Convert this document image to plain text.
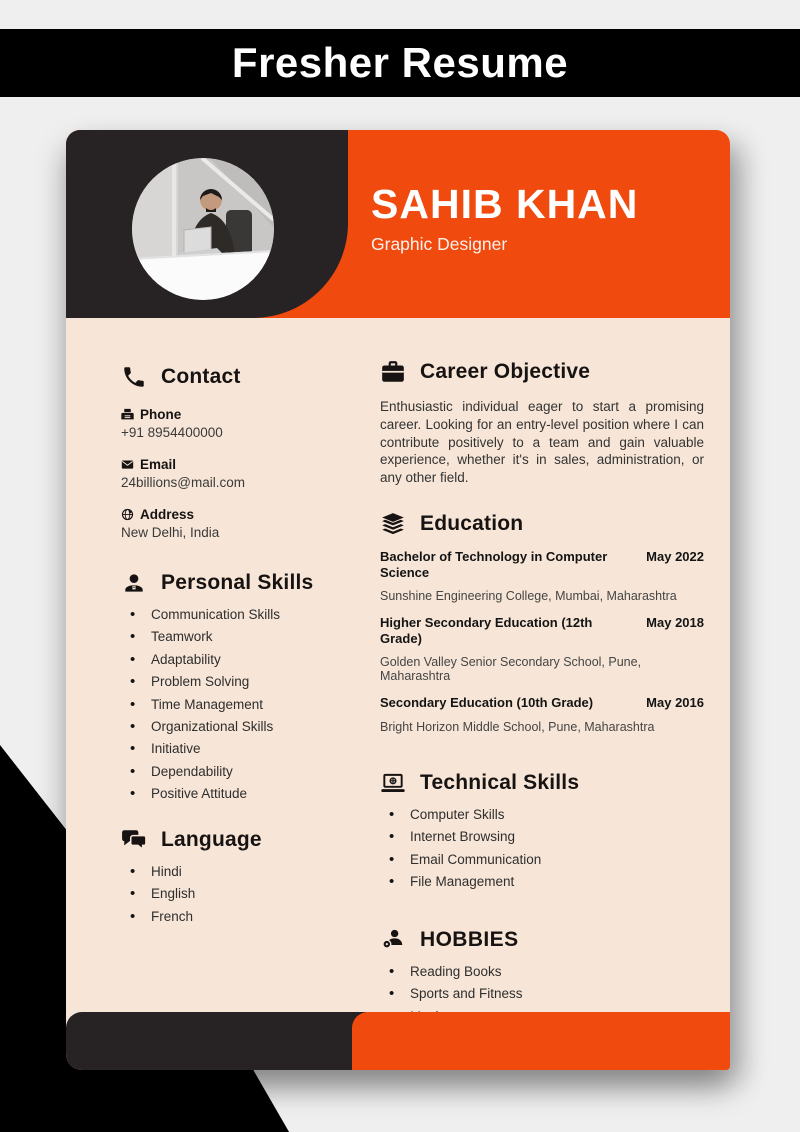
Fresher Resume
SAHIB KHAN
Graphic Designer
Contact
Phone
+91 8954400000
Email
24billions@mail.com
Address
New Delhi, India
Personal Skills
• Communication Skills
• Teamwork
• Adaptability
• Problem Solving
• Time Management
• Organizational Skills
• Initiative
• Dependability
• Positive Attitude
Language
• Hindi
• English
• French
Career Objective

Enthusiastic individual eager to start a promising career. Looking for an entry-level position where I can contribute positively to a team and gain valuable experience, whether it's in sales, administration, or any other field.

Education
Bachelor of Technology in Computer Science
May 2022
Sunshine Engineering College, Mumbai, Maharashtra
Higher Secondary Education (12th Grade)
May 2018
Golden Valley Senior Secondary School, Pune, Maharashtra
Secondary Education (10th Grade)	May 2016
Bright Horizon Middle School, Pune, Maharashtra
Technical Skills
• Computer Skills
• Internet Browsing
• Email Communication
• File Management
HOBBIES
• Reading Books
• Sports and Fitness
•
•
